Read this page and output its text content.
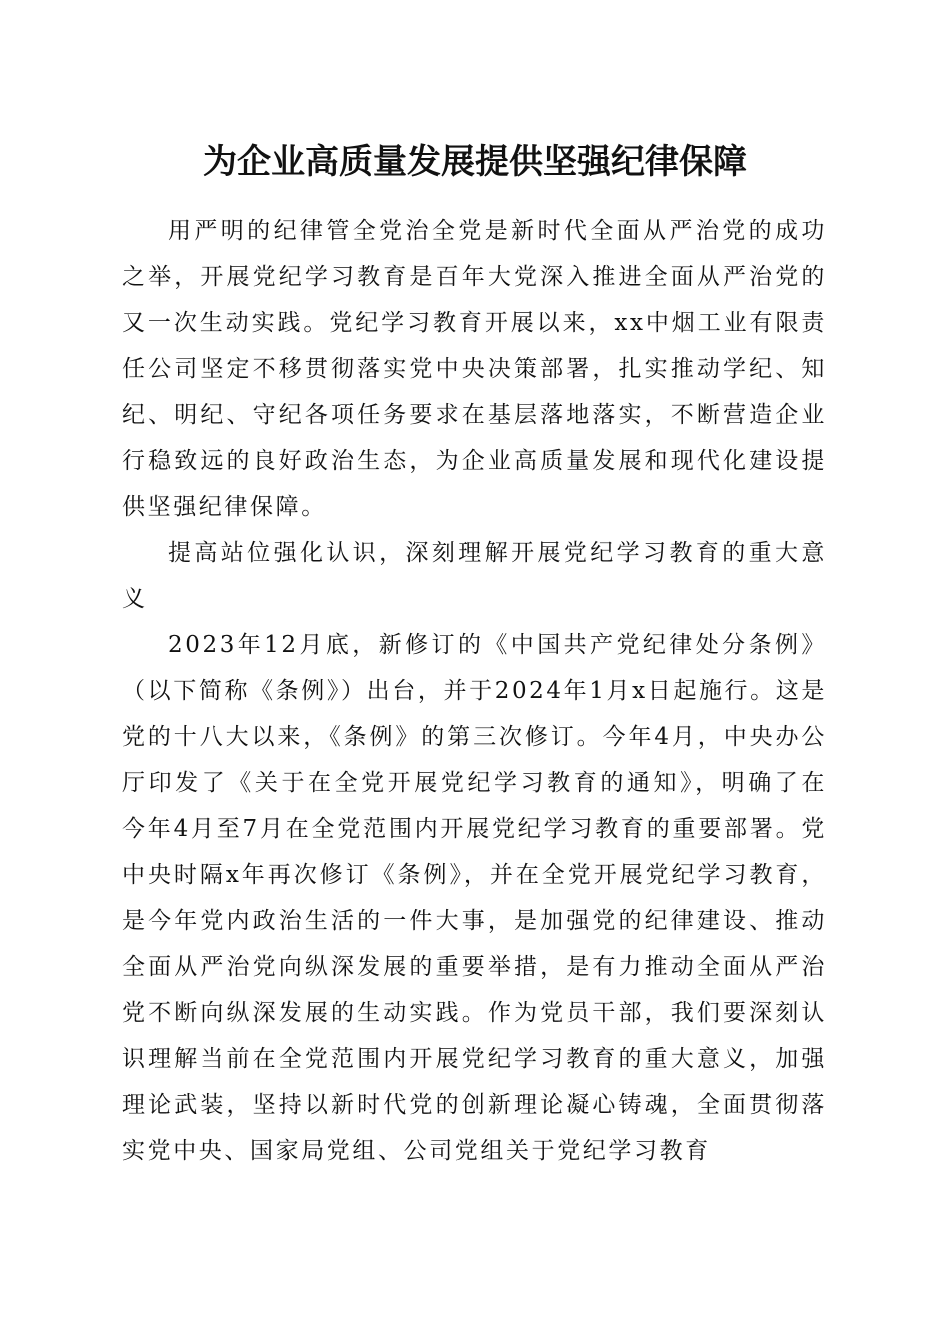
为企业高质量发展提供坚强纪律保障

用严明的纪律管全党治全党是新时代全面从严治党的成功之举，开展党纪学习教育是百年大党深入推进全面从严治党的又一次生动实践。党纪学习教育开展以来，xx中烟工业有限责任公司坚定不移贯彻落实党中央决策部署，扎实推动学纪、知纪、明纪、守纪各项任务要求在基层落地落实，不断营造企业行稳致远的良好政治生态，为企业高质量发展和现代化建设提供坚强纪律保障。

提高站位强化认识，深刻理解开展党纪学习教育的重大意义

2023年12月底，新修订的《中国共产党纪律处分条例》（以下简称《条例》）出台，并于2024年1月x日起施行。这是党的十八大以来，《条例》的第三次修订。今年4月，中央办公厅印发了《关于在全党开展党纪学习教育的通知》，明确了在今年4月至7月在全党范围内开展党纪学习教育的重要部署。党中央时隔x年再次修订《条例》，并在全党开展党纪学习教育，是今年党内政治生活的一件大事，是加强党的纪律建设、推动全面从严治党向纵深发展的重要举措，是有力推动全面从严治党不断向纵深发展的生动实践。作为党员干部，我们要深刻认识理解当前在全党范围内开展党纪学习教育的重大意义，加强理论武装，坚持以新时代党的创新理论凝心铸魂，全面贯彻落实党中央、国家局党组、公司党组关于党纪学习教育
